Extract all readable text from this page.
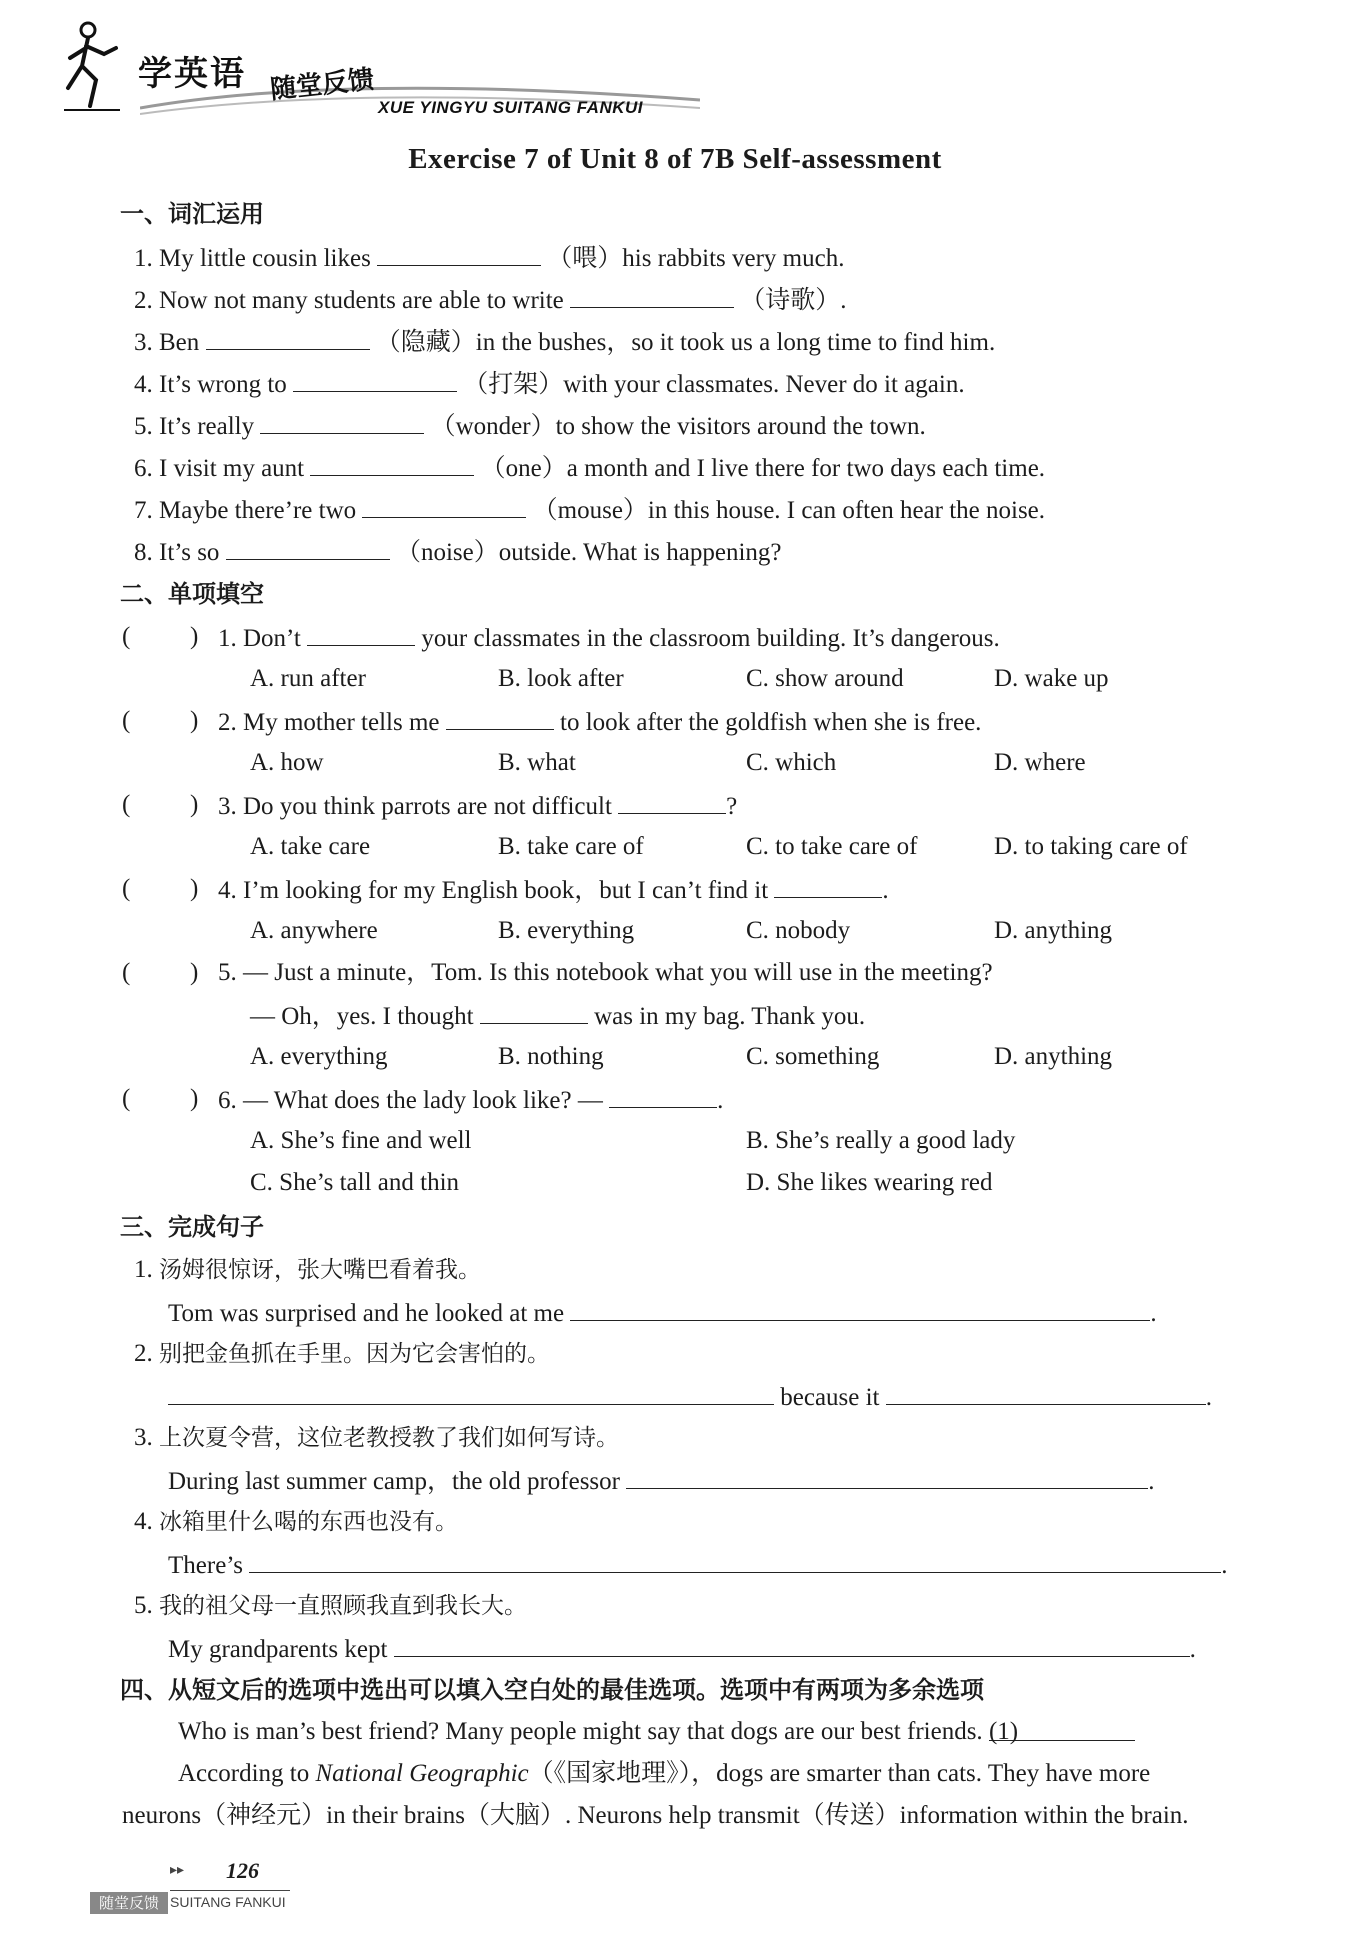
学英语 随堂反馈
XUE YINGYU SUITANG FANKUI
Exercise 7 of Unit 8 of 7B Self-assessment
一、词汇运用
1. My little cousin likes	（喂）his rabbits very much.
2. Now not many students are able to write	（诗歌）.
3. Ben	（隐藏）in the bushes，so it took us a long time to find him.
4. It’s wrong to	（打架）with your classmates. Never do it again.
5. It’s really	（wonder）to show the visitors around the town.
6. I visit my aunt	（one）a month and I live there for two days each time.
7. Maybe there’re two	（mouse）in this house. I can often hear the noise.
8. It’s so	（noise）outside. What is happening?
二、单项填空
( ) 1. Don’t	your classmates in the classroom building. It’s dangerous.
A. run after	B. look after	C. show around	D. wake up
( ) 2. My mother tells me	to look after the goldfish when she is free.
A. how	B. what	C. which	D. where
( ) 3. Do you think parrots are not difficult	?
A. take care	B. take care of	C. to take care of	D. to taking care of
( ) 4. I’m looking for my English book，but I can’t find it	.
A. anywhere	B. everything	C. nobody	D. anything
( ) 5. — Just a minute，Tom. Is this notebook what you will use in the meeting?
— Oh，yes. I thought	was in my bag. Thank you.
A. everything	B. nothing	C. something	D. anything
( ) 6. — What does the lady look like? —	.
A. She’s fine and well	B. She’s really a good lady
C. She’s tall and thin	D. She likes wearing red
三、完成句子
1. 汤姆很惊讶，张大嘴巴看着我。
Tom was surprised and he looked at me	.
2. 别把金鱼抓在手里。因为它会害怕的。
because it	.
3. 上次夏令营，这位老教授教了我们如何写诗。
During last summer camp，the old professor	.
4. 冰箱里什么喝的东西也没有。
There’s	.
5. 我的祖父母一直照顾我直到我长大。
My grandparents kept	.
四、从短文后的选项中选出可以填入空白处的最佳选项。选项中有两项为多余选项
Who is man’s best friend? Many people might say that dogs are our best friends. (1)
According to National Geographic（《国家地理》），dogs are smarter than cats. They have more
neurons（神经元）in their brains（大脑）. Neurons help transmit（传送）information within the brain.
▸▸ 126
随堂反馈 SUITANG FANKUI
